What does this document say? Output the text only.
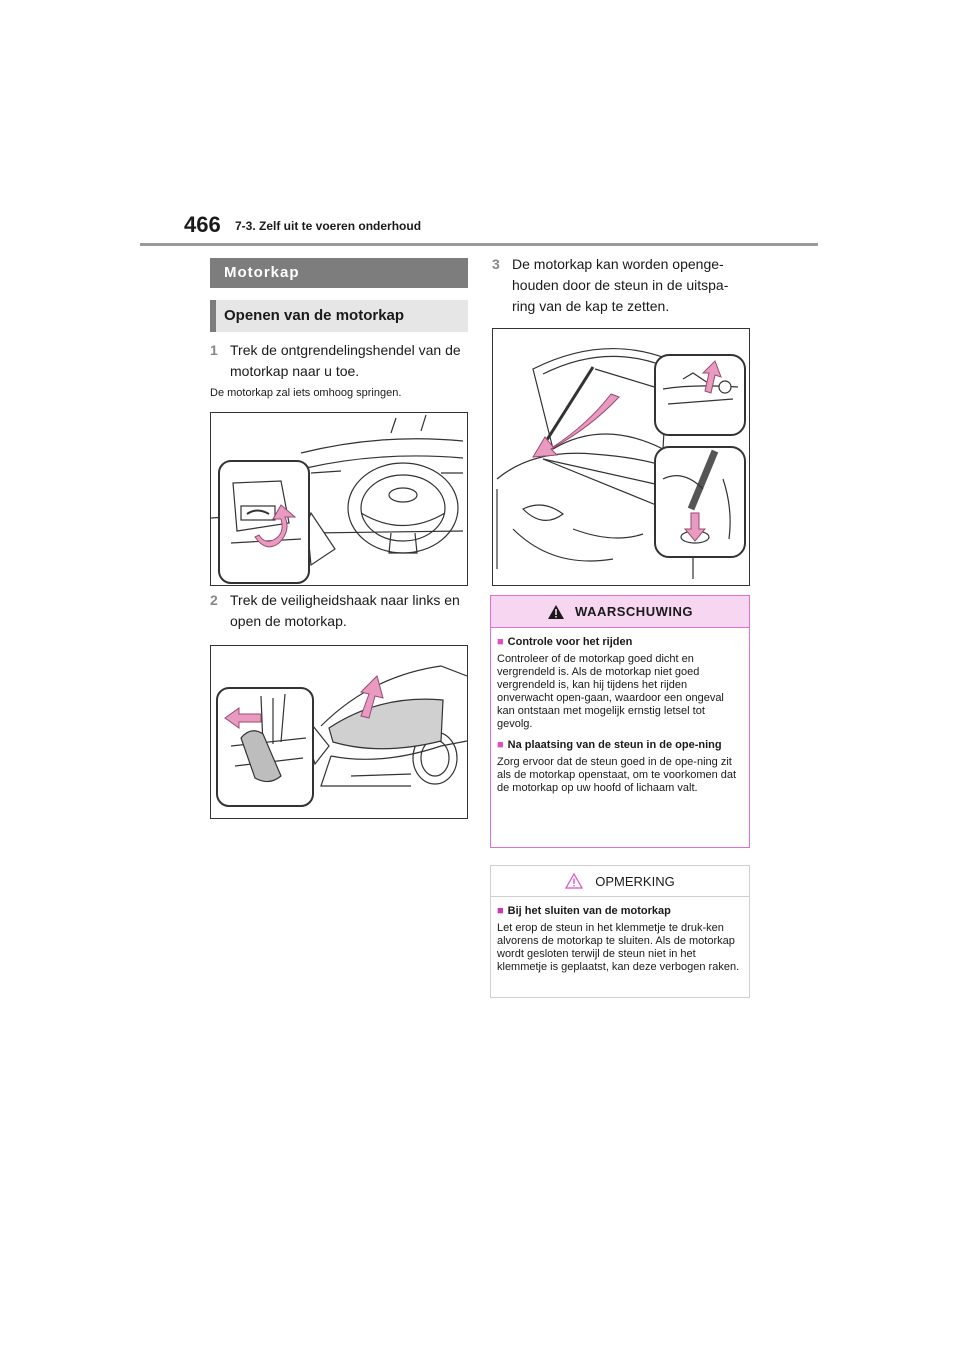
466 7-3. Zelf uit te voeren onderhoud
Motorkap
Openen van de motorkap
1 Trek de ontgrendelingshendel van de motorkap naar u toe.
De motorkap zal iets omhoog springen.
2 Trek de veiligheidshaak naar links en open de motorkap.
3 De motorkap kan worden openge-houden door de steun in de uitspa-ring van de kap te zetten.
WAARSCHUWING
■ Controle voor het rijden
Controleer of de motorkap goed dicht en vergrendeld is. Als de motorkap niet goed vergrendeld is, kan hij tijdens het rijden onverwacht open-gaan, waardoor een ongeval kan ontstaan met mogelijk ernstig letsel tot gevolg.
■ Na plaatsing van de steun in de ope-ning
Zorg ervoor dat de steun goed in de ope-ning zit als de motorkap openstaat, om te voorkomen dat de motorkap op uw hoofd of lichaam valt.
OPMERKING
■ Bij het sluiten van de motorkap
Let erop de steun in het klemmetje te druk-ken alvorens de motorkap te sluiten. Als de motorkap wordt gesloten terwijl de steun niet in het klemmetje is geplaatst, kan deze verbogen raken.
